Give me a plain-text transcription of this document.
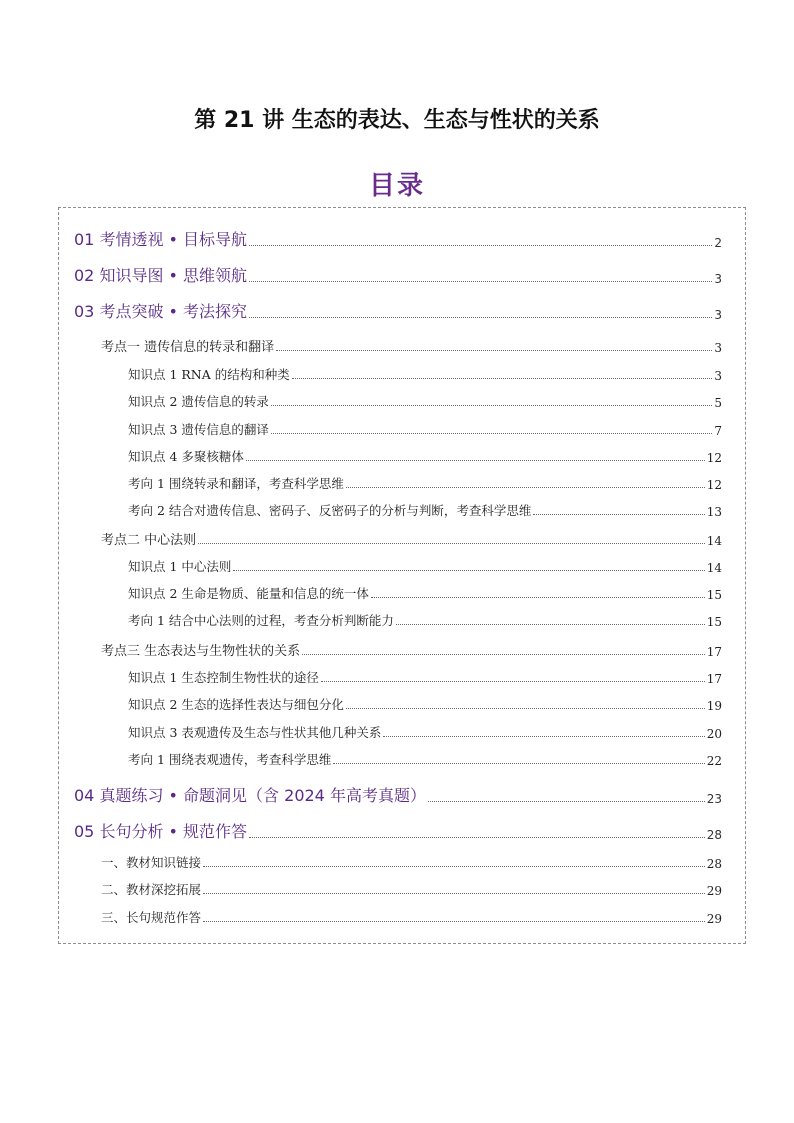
第 21 讲 生态的表达、生态与性状的关系
目录
01 考情透视 • 目标导航	2
02 知识导图 • 思维领航	3
03 考点突破 • 考法探究	3
考点一 遗传信息的转录和翻译	3
知识点 1 RNA 的结构和种类	3
知识点 2 遗传信息的转录	5
知识点 3 遗传信息的翻译	7
知识点 4 多聚核糖体	12
考向 1 围绕转录和翻译，考查科学思维	12
考向 2 结合对遗传信息、密码子、反密码子的分析与判断，考查科学思维	13
考点二 中心法则	14
知识点 1 中心法则	14
知识点 2 生命是物质、能量和信息的统一体	15
考向 1 结合中心法则的过程，考查分析判断能力	15
考点三 生态表达与生物性状的关系	17
知识点 1 生态控制生物性状的途径	17
知识点 2 生态的选择性表达与细包分化	19
知识点 3 表观遗传及生态与性状其他几种关系	20
考向 1 围绕表观遗传，考查科学思维	22
04 真题练习 • 命题洞见（含 2024 年高考真题）	23
05 长句分析 • 规范作答	28
一、教材知识链接	28
二、教材深挖拓展	29
三、长句规范作答	29
